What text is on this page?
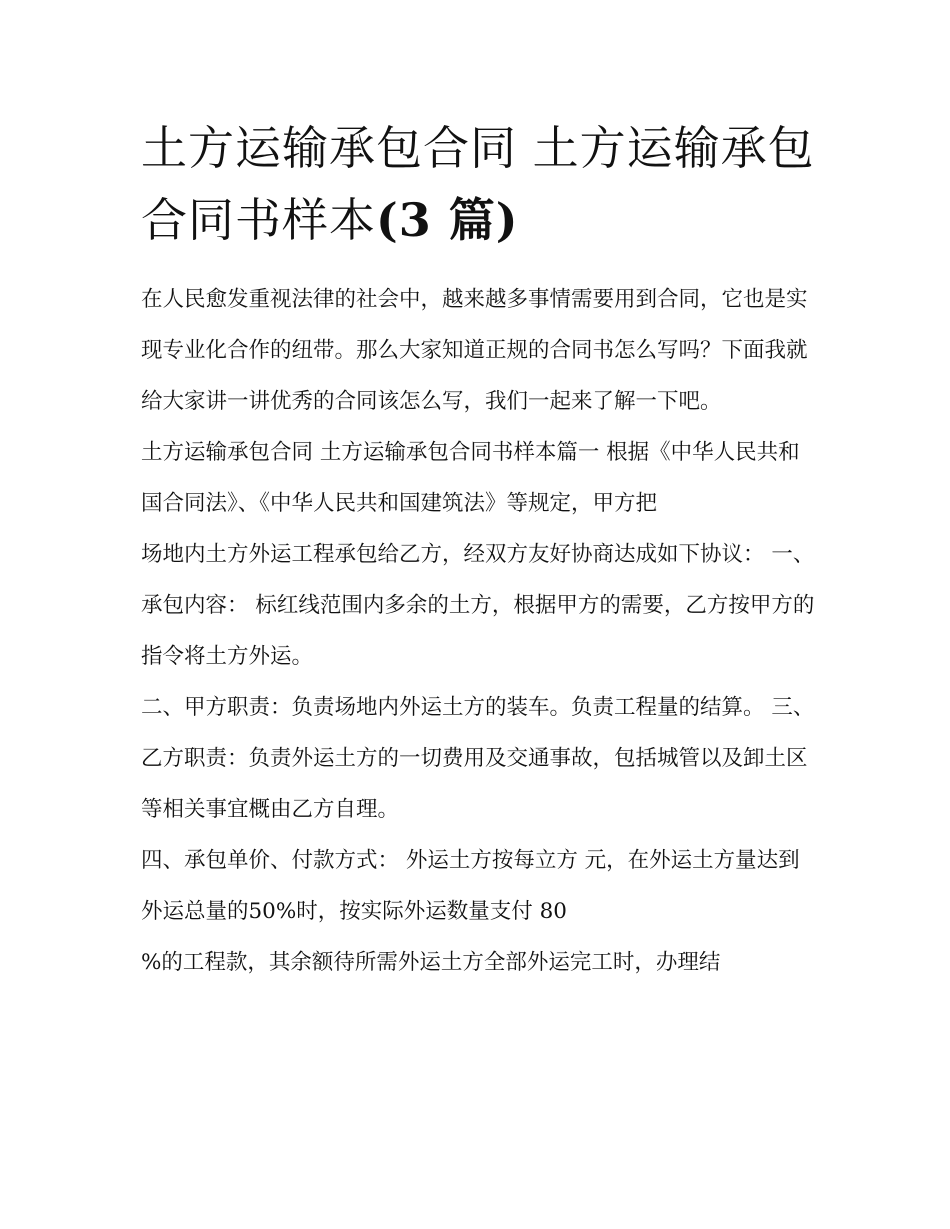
土方运输承包合同 土方运输承包合同书样本(3 篇)

在人民愈发重视法律的社会中，越来越多事情需要用到合同，它也是实现专业化合作的纽带。那么大家知道正规的合同书怎么写吗？下面我就给大家讲一讲优秀的合同该怎么写，我们一起来了解一下吧。

土方运输承包合同 土方运输承包合同书样本篇一 根据《中华人民共和国合同法》、《中华人民共和国建筑法》等规定，甲方把

场地内土方外运工程承包给乙方，经双方友好协商达成如下协议： 一、承包内容： 标红线范围内多余的土方，根据甲方的需要，乙方按甲方的指令将土方外运。

二、甲方职责：负责场地内外运土方的装车。负责工程量的结算。 三、乙方职责：负责外运土方的一切费用及交通事故，包括城管以及卸土区等相关事宜概由乙方自理。

四、承包单价、付款方式： 外运土方按每立方 元，在外运土方量达到外运总量的50%时，按实际外运数量支付 80

%的工程款，其余额待所需外运土方全部外运完工时，办理结
